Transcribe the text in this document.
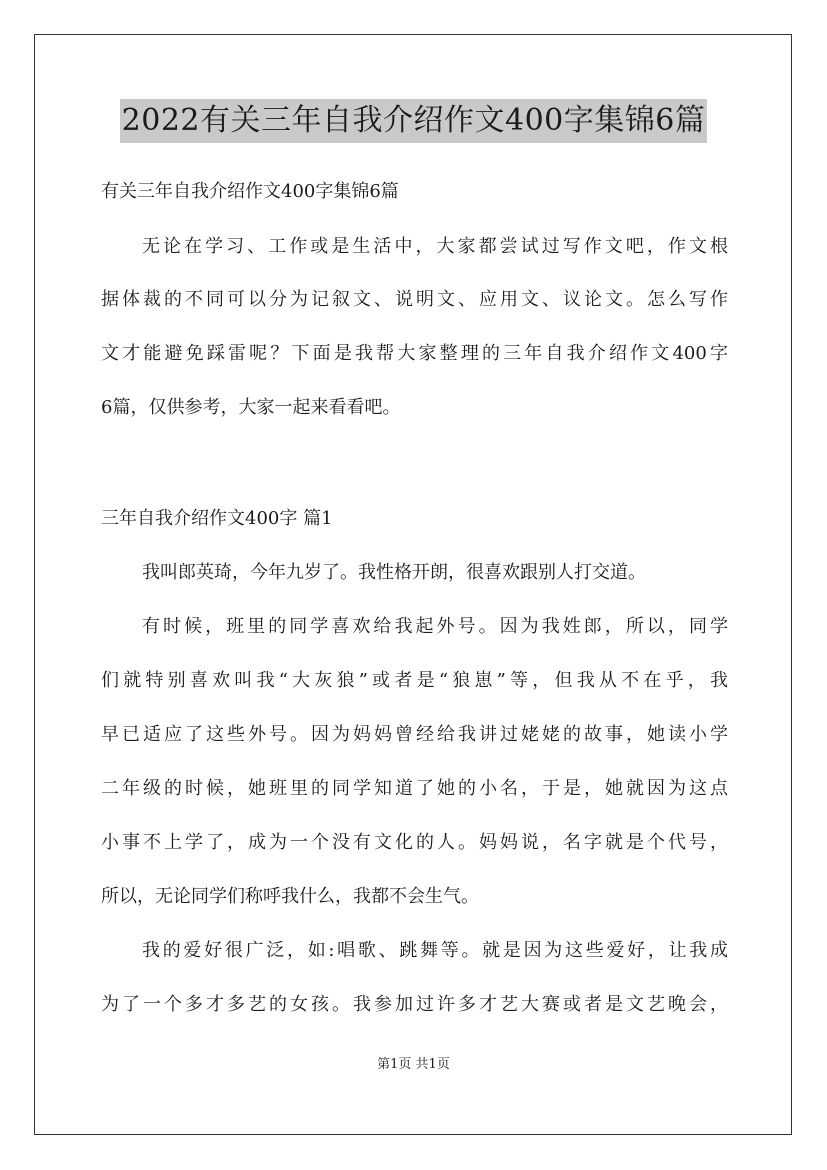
2022有关三年自我介绍作文400字集锦6篇
有关三年自我介绍作文400字集锦6篇
无论在学习、工作或是生活中，大家都尝试过写作文吧，作文根
据体裁的不同可以分为记叙文、说明文、应用文、议论文。怎么写作
文才能避免踩雷呢？下面是我帮大家整理的三年自我介绍作文400字
6篇，仅供参考，大家一起来看看吧。
三年自我介绍作文400字 篇1
我叫郎英琦，今年九岁了。我性格开朗，很喜欢跟别人打交道。
有时候，班里的同学喜欢给我起外号。因为我姓郎，所以，同学
们就特别喜欢叫我“大灰狼”或者是“狼崽”等，但我从不在乎，我
早已适应了这些外号。因为妈妈曾经给我讲过姥姥的故事，她读小学
二年级的时候，她班里的同学知道了她的小名，于是，她就因为这点
小事不上学了，成为一个没有文化的人。妈妈说，名字就是个代号，
所以，无论同学们称呼我什么，我都不会生气。
我的爱好很广泛，如:唱歌、跳舞等。就是因为这些爱好，让我成
为了一个多才多艺的女孩。我参加过许多才艺大赛或者是文艺晚会，
第1页 共1页
